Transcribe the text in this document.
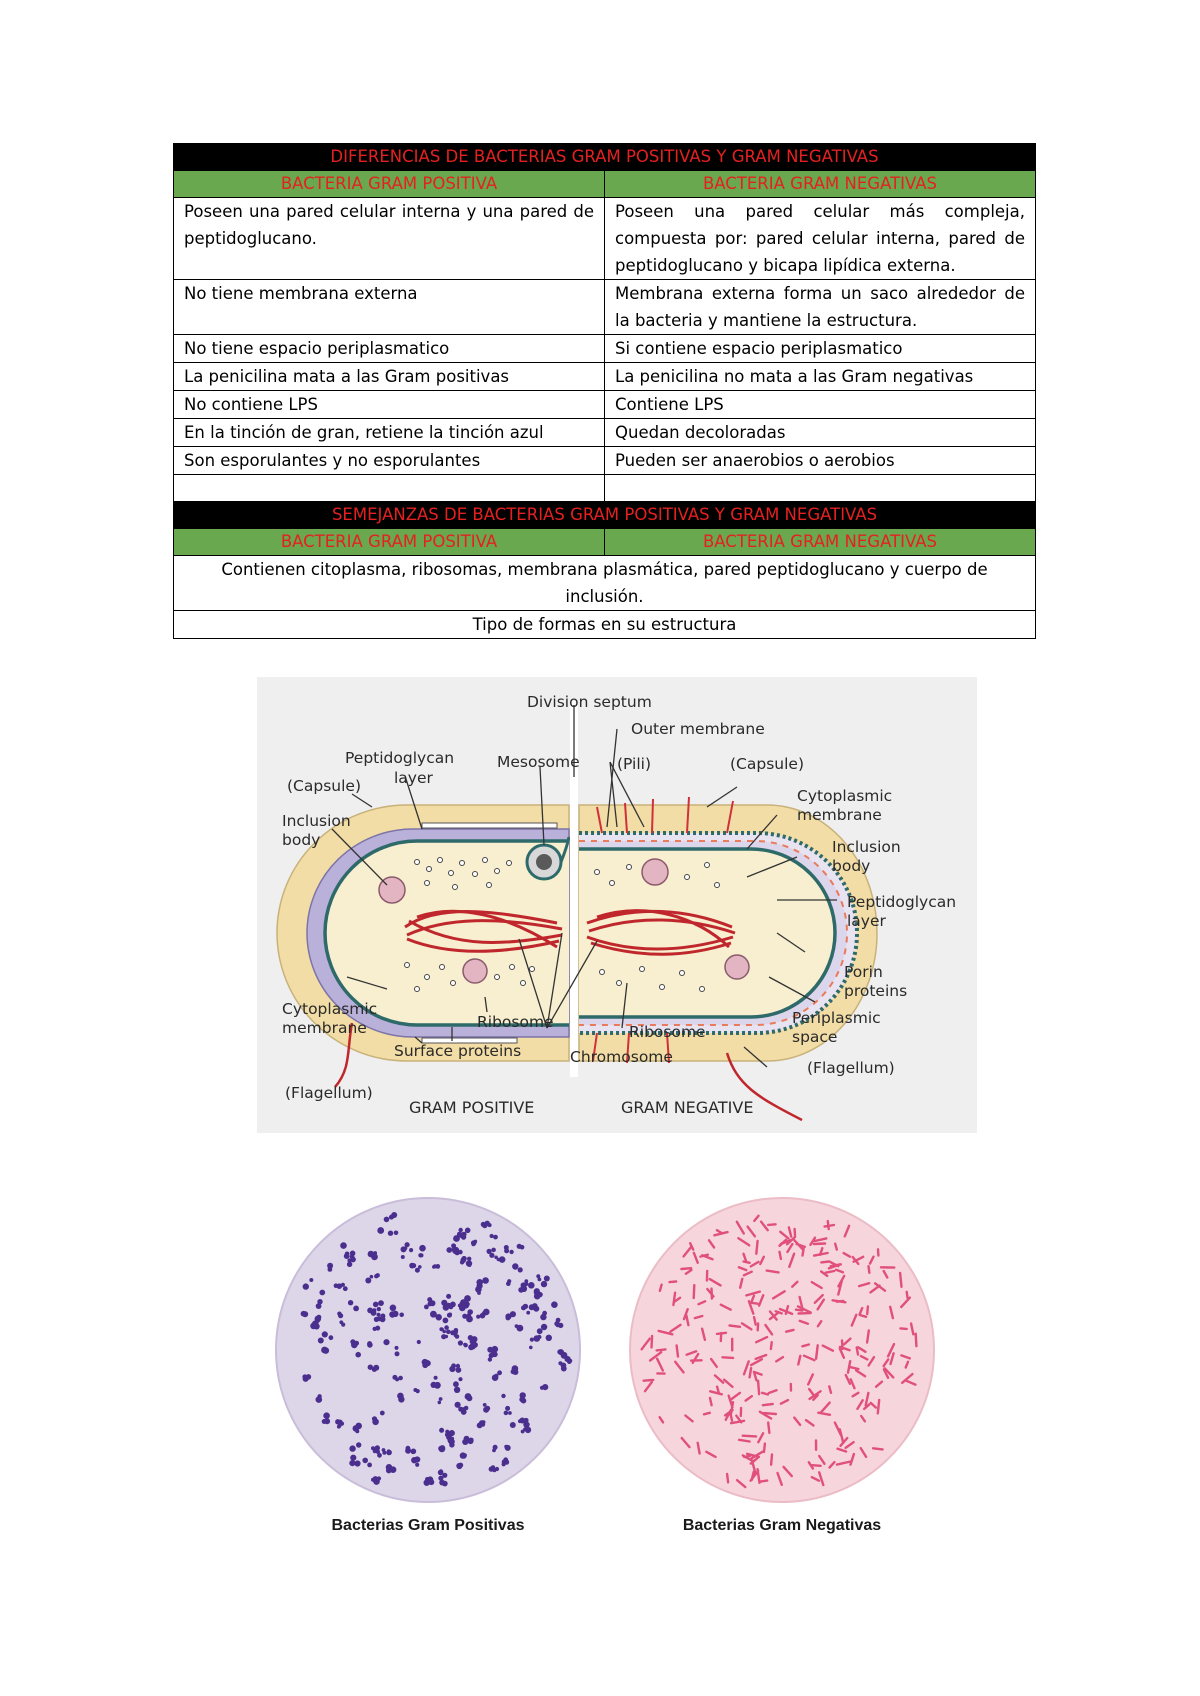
DIFERENCIAS DE BACTERIAS GRAM POSITIVAS Y GRAM NEGATIVAS	
BACTERIA GRAM POSITIVA	BACTERIA GRAM NEGATIVAS
Poseen una pared celular interna y una pared de peptidoglucano.	Poseen una pared celular más compleja, compuesta por: pared celular interna, pared de peptidoglucano y bicapa lipídica externa.
No tiene membrana externa	Membrana externa forma un saco alrededor de la bacteria y mantiene la estructura.
No tiene espacio periplasmatico	Si contiene espacio periplasmatico
La penicilina mata a las Gram positivas	La penicilina no mata a las Gram negativas
No contiene LPS	Contiene LPS
En la tinción de gran, retiene la tinción azul	Quedan decoloradas
Son esporulantes y no esporulantes	Pueden ser anaerobios o aerobios

SEMEJANZAS DE BACTERIAS GRAM POSITIVAS Y GRAM NEGATIVAS	
BACTERIA GRAM POSITIVA	BACTERIA GRAM NEGATIVAS
Contienen citoplasma, ribosomas, membrana plasmática, pared peptidoglucano y cuerpo de inclusión.	
Tipo de formas en su estructura	
Division septum
Outer membrane
(Pili)	(Capsule)
Peptidoglycan
layer
(Capsule)
Mesosome
Inclusion
body
Cytoplasmic
membrane
Inclusion
body
Peptidoglycan
layer
Porin
proteins
Periplasmic
space
(Flagellum)
Cytoplasmic
membrane	Ribosome
Ribosome
Surface proteins	Chromosome
(Flagellum)
GRAM POSITIVE	GRAM NEGATIVE
Bacterias Gram Positivas	Bacterias Gram Negativas
